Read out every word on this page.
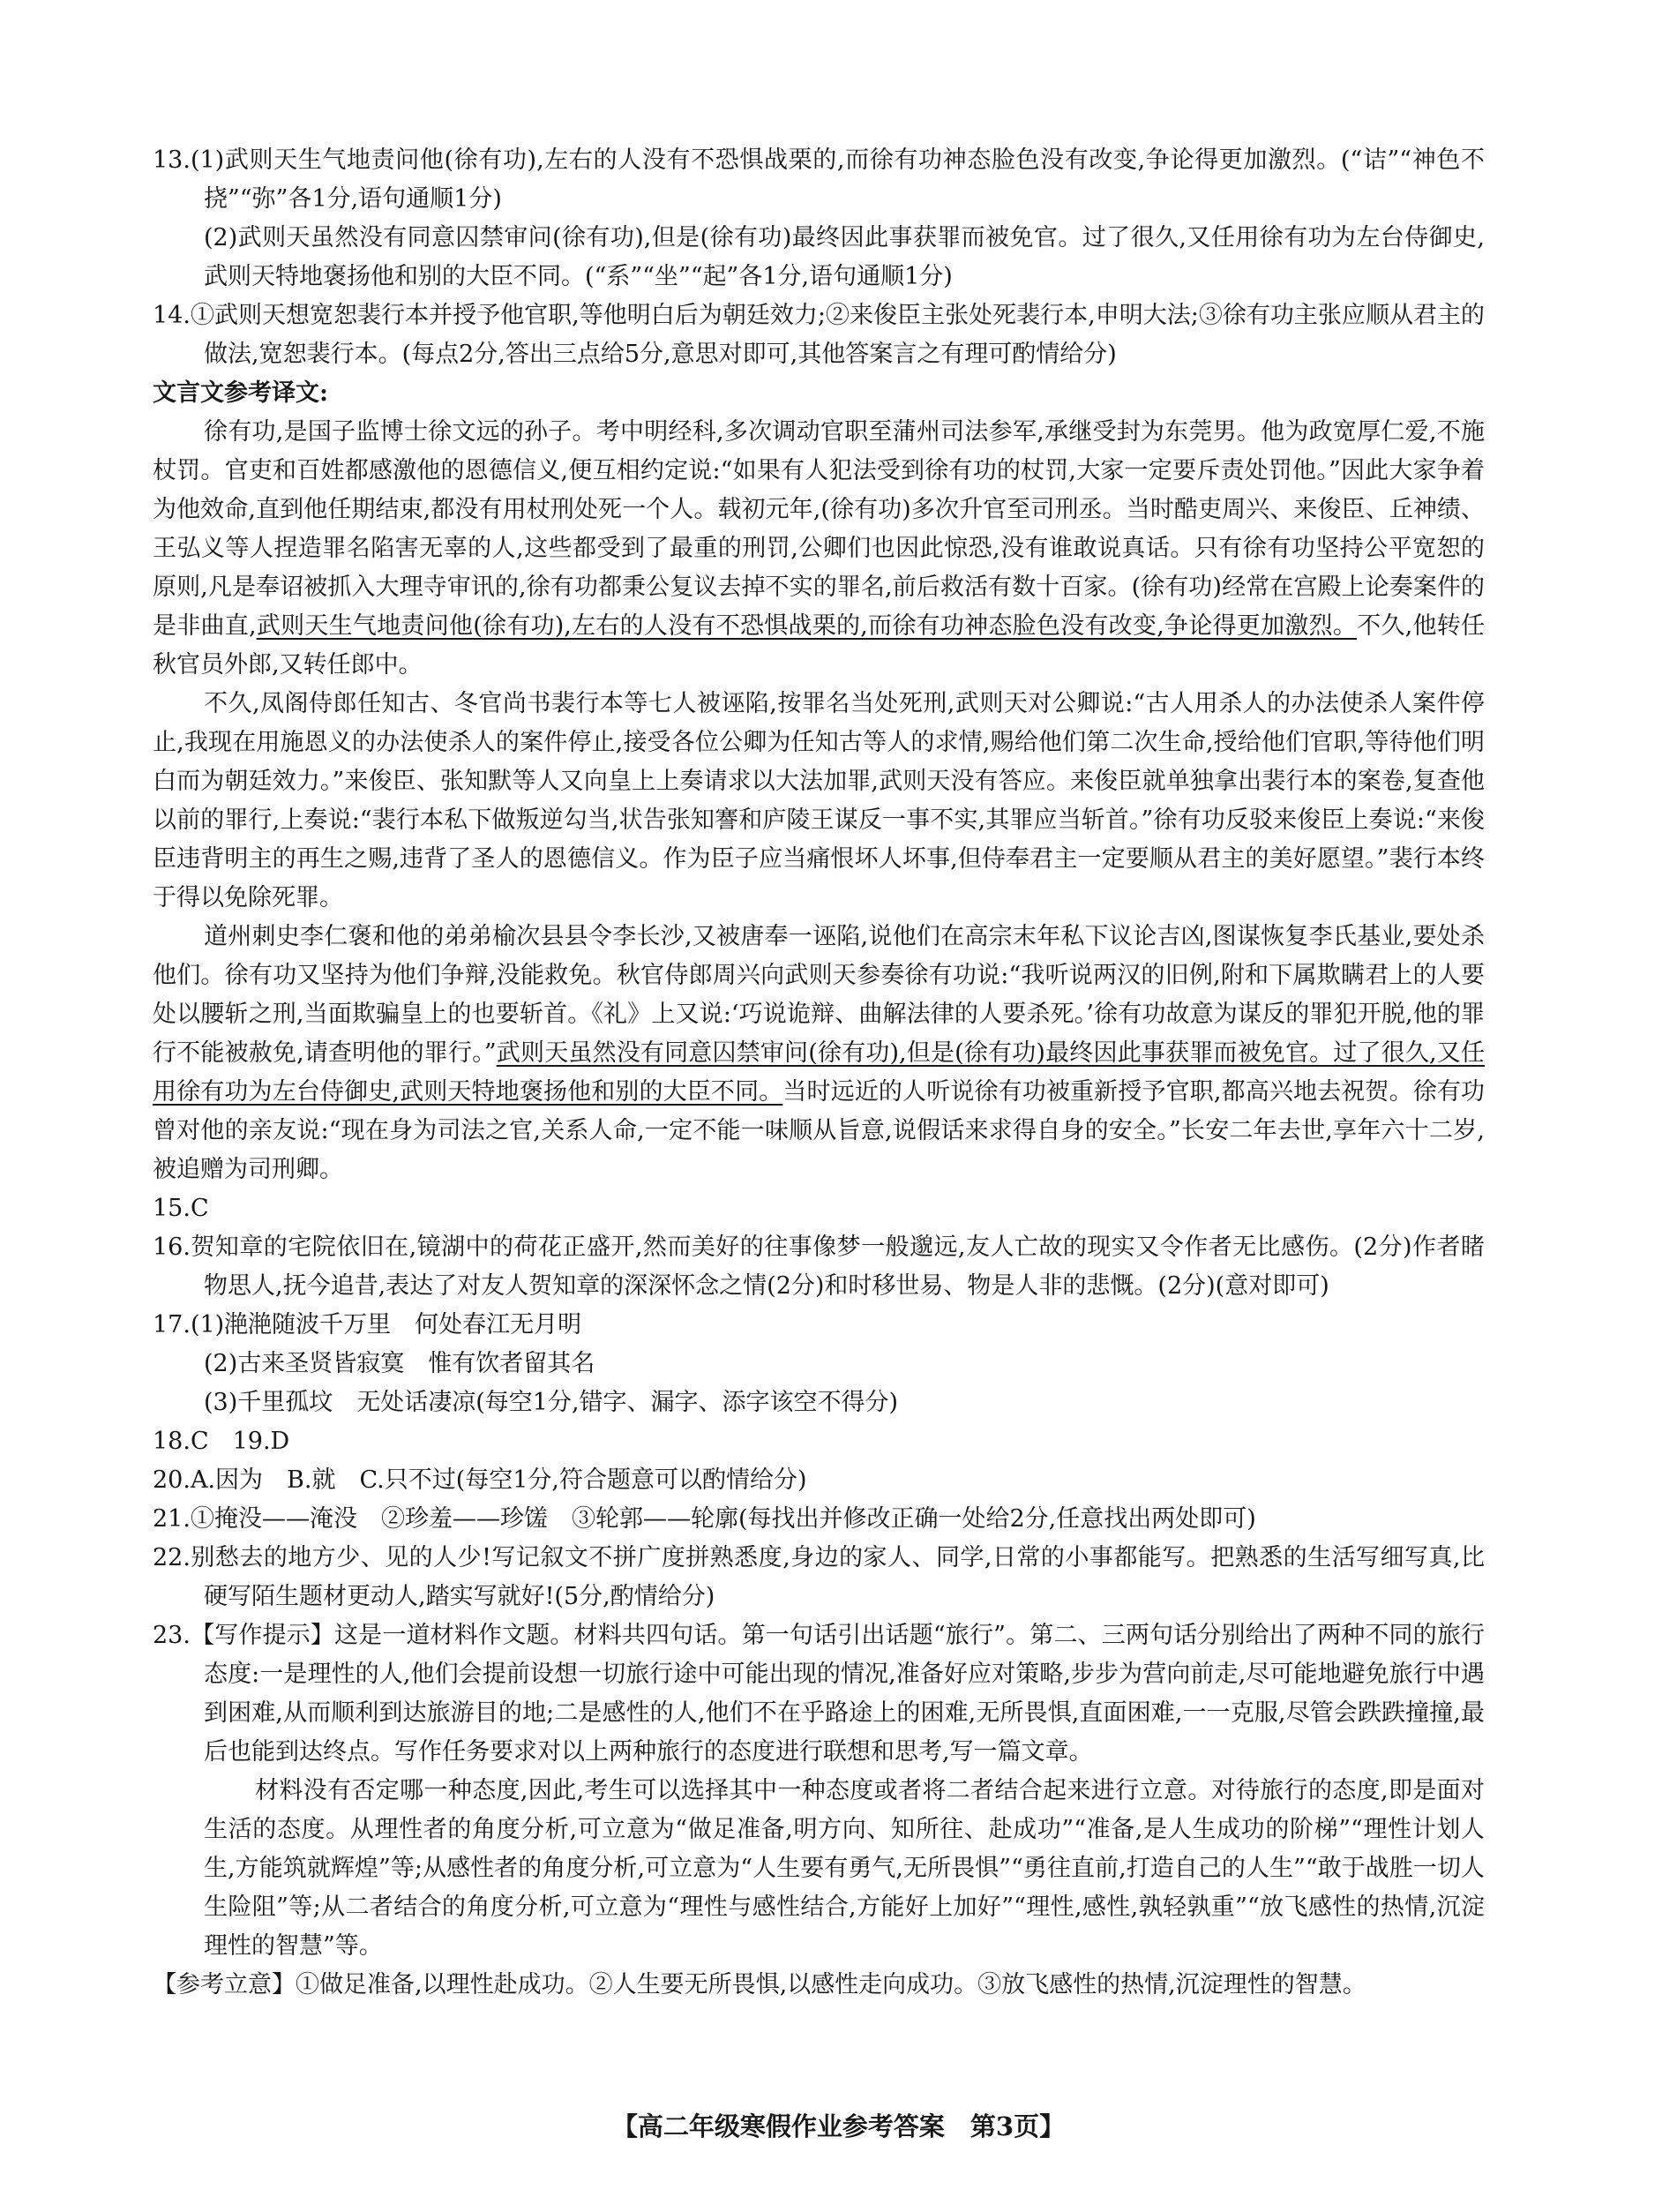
13.(1)武则天生气地责问他(徐有功),左右的人没有不恐惧战栗的,而徐有功神态脸色没有改变,争论得更加激烈。(“诘”“神色不挠”“弥”各1分,语句通顺1分)

(2)武则天虽然没有同意囚禁审问(徐有功),但是(徐有功)最终因此事获罪而被免官。过了很久,又任用徐有功为左台侍御史,武则天特地褒扬他和别的大臣不同。(“系”“坐”“起”各1分,语句通顺1分)

14.①武则天想宽恕裴行本并授予他官职,等他明白后为朝廷效力;②来俊臣主张处死裴行本,申明大法;③徐有功主张应顺从君主的做法,宽恕裴行本。(每点2分,答出三点给5分,意思对即可,其他答案言之有理可酌情给分)

文言文参考译文:

徐有功,是国子监博士徐文远的孙子。考中明经科,多次调动官职至蒲州司法参军,承继受封为东莞男。他为政宽厚仁爱,不施杖罚。官吏和百姓都感激他的恩德信义,便互相约定说:“如果有人犯法受到徐有功的杖罚,大家一定要斥责处罚他。”因此大家争着为他效命,直到他任期结束,都没有用杖刑处死一个人。载初元年,(徐有功)多次升官至司刑丞。当时酷吏周兴、来俊臣、丘神绩、王弘义等人捏造罪名陷害无辜的人,这些都受到了最重的刑罚,公卿们也因此惊恐,没有谁敢说真话。只有徐有功坚持公平宽恕的原则,凡是奉诏被抓入大理寺审讯的,徐有功都秉公复议去掉不实的罪名,前后救活有数十百家。(徐有功)经常在宫殿上论奏案件的是非曲直,武则天生气地责问他(徐有功),左右的人没有不恐惧战栗的,而徐有功神态脸色没有改变,争论得更加激烈。不久,他转任秋官员外郎,又转任郎中。

不久,凤阁侍郎任知古、冬官尚书裴行本等七人被诬陷,按罪名当处死刑,武则天对公卿说:“古人用杀人的办法使杀人案件停止,我现在用施恩义的办法使杀人的案件停止,接受各位公卿为任知古等人的求情,赐给他们第二次生命,授给他们官职,等待他们明白而为朝廷效力。”来俊臣、张知默等人又向皇上上奏请求以大法加罪,武则天没有答应。来俊臣就单独拿出裴行本的案卷,复查他以前的罪行,上奏说:“裴行本私下做叛逆勾当,状告张知謇和庐陵王谋反一事不实,其罪应当斩首。”徐有功反驳来俊臣上奏说:“来俊臣违背明主的再生之赐,违背了圣人的恩德信义。作为臣子应当痛恨坏人坏事,但侍奉君主一定要顺从君主的美好愿望。”裴行本终于得以免除死罪。

道州刺史李仁褒和他的弟弟榆次县县令李长沙,又被唐奉一诬陷,说他们在高宗末年私下议论吉凶,图谋恢复李氏基业,要处杀他们。徐有功又坚持为他们争辩,没能救免。秋官侍郎周兴向武则天参奏徐有功说:“我听说两汉的旧例,附和下属欺瞒君上的人要处以腰斩之刑,当面欺骗皇上的也要斩首。《礼》上又说:‘巧说诡辩、曲解法律的人要杀死。’徐有功故意为谋反的罪犯开脱,他的罪行不能被赦免,请查明他的罪行。”武则天虽然没有同意囚禁审问(徐有功),但是(徐有功)最终因此事获罪而被免官。过了很久,又任用徐有功为左台侍御史,武则天特地褒扬他和别的大臣不同。当时远近的人听说徐有功被重新授予官职,都高兴地去祝贺。徐有功曾对他的亲友说:“现在身为司法之官,关系人命,一定不能一味顺从旨意,说假话来求得自身的安全。”长安二年去世,享年六十二岁,被追赠为司刑卿。

15.C

16.贺知章的宅院依旧在,镜湖中的荷花正盛开,然而美好的往事像梦一般邈远,友人亡故的现实又令作者无比感伤。(2分)作者睹物思人,抚今追昔,表达了对友人贺知章的深深怀念之情(2分)和时移世易、物是人非的悲慨。(2分)(意对即可)

17.(1)滟滟随波千万里　何处春江无月明

(2)古来圣贤皆寂寞　惟有饮者留其名

(3)千里孤坟　无处话凄凉(每空1分,错字、漏字、添字该空不得分)

18.C　19.D

20.A.因为　B.就　C.只不过(每空1分,符合题意可以酌情给分)

21.①掩没——淹没　②珍羞——珍馐　③轮郭——轮廓(每找出并修改正确一处给2分,任意找出两处即可)

22.别愁去的地方少、见的人少!写记叙文不拼广度拼熟悉度,身边的家人、同学,日常的小事都能写。把熟悉的生活写细写真,比硬写陌生题材更动人,踏实写就好!(5分,酌情给分)

23.【写作提示】这是一道材料作文题。材料共四句话。第一句话引出话题“旅行”。第二、三两句话分别给出了两种不同的旅行态度:一是理性的人,他们会提前设想一切旅行途中可能出现的情况,准备好应对策略,步步为营向前走,尽可能地避免旅行中遇到困难,从而顺利到达旅游目的地;二是感性的人,他们不在乎路途上的困难,无所畏惧,直面困难,一一克服,尽管会跌跌撞撞,最后也能到达终点。写作任务要求对以上两种旅行的态度进行联想和思考,写一篇文章。

材料没有否定哪一种态度,因此,考生可以选择其中一种态度或者将二者结合起来进行立意。对待旅行的态度,即是面对生活的态度。从理性者的角度分析,可立意为“做足准备,明方向、知所往、赴成功”“准备,是人生成功的阶梯”“理性计划人生,方能筑就辉煌”等;从感性者的角度分析,可立意为“人生要有勇气,无所畏惧”“勇往直前,打造自己的人生”“敢于战胜一切人生险阻”等;从二者结合的角度分析,可立意为“理性与感性结合,方能好上加好”“理性,感性,孰轻孰重”“放飞感性的热情,沉淀理性的智慧”等。

【参考立意】①做足准备,以理性赴成功。②人生要无所畏惧,以感性走向成功。③放飞感性的热情,沉淀理性的智慧。

【高二年级寒假作业参考答案　第3页】
